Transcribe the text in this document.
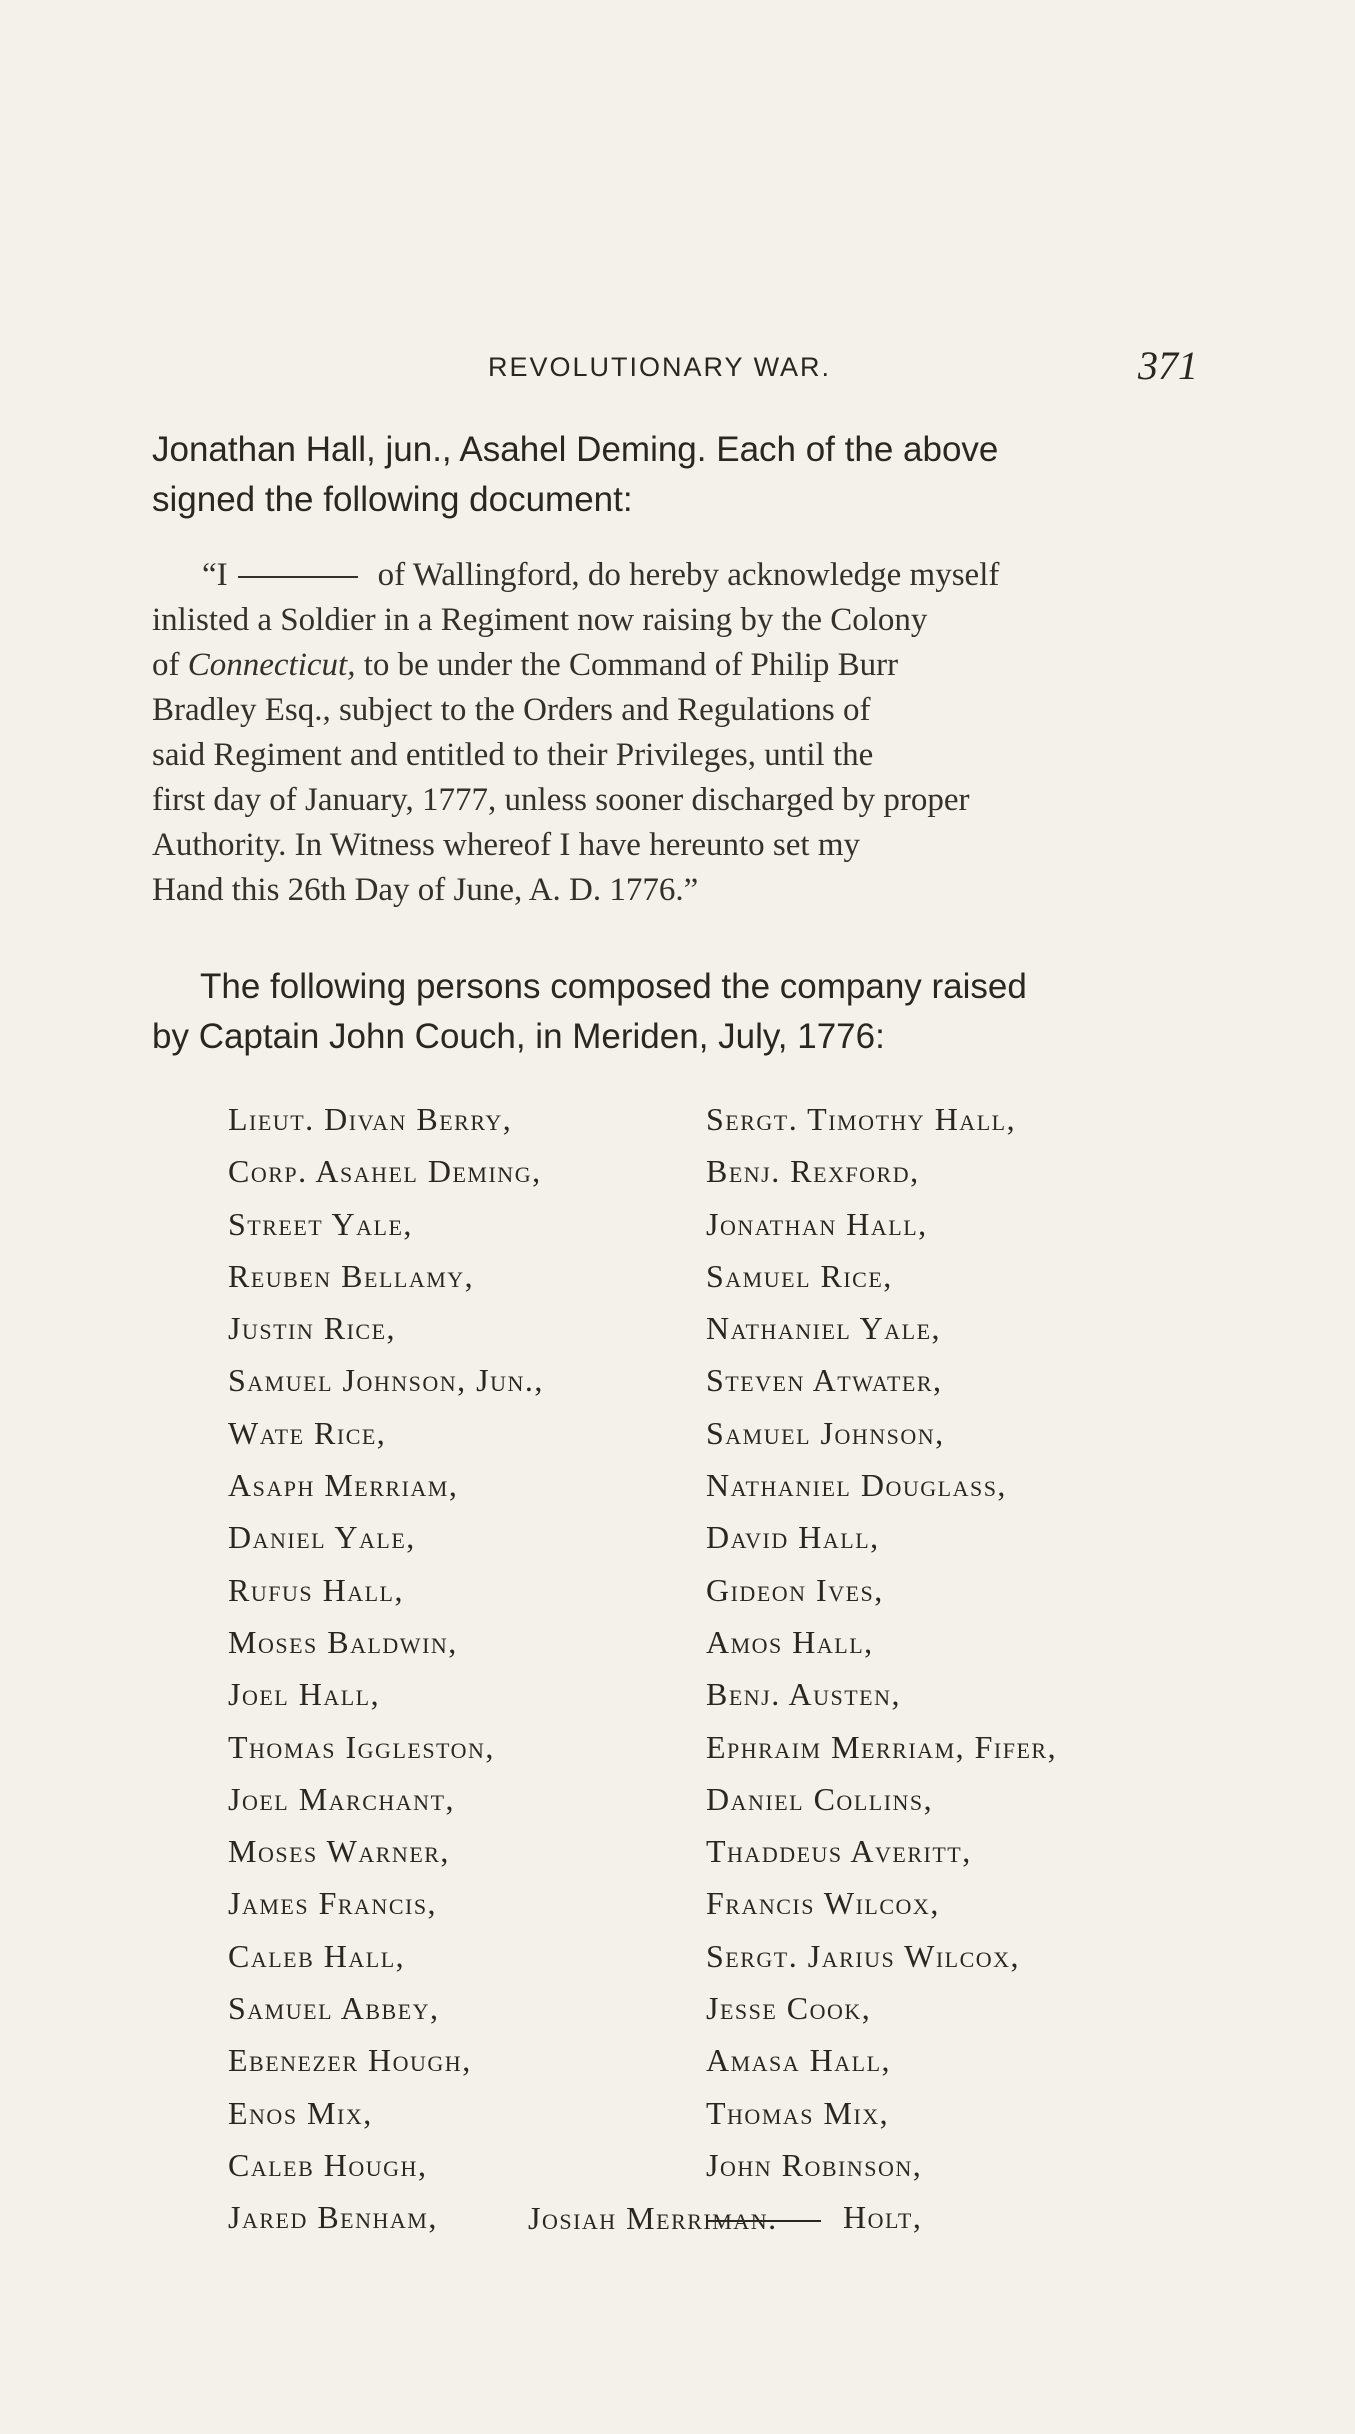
REVOLUTIONARY WAR.	371

Jonathan Hall, jun., Asahel Deming. Each of the above
signed the following document:

“I	of Wallingford, do hereby acknowledge myself
inlisted a Soldier in a Regiment now raising by the Colony
of Connecticut, to be under the Command of Philip Burr
Bradley Esq., subject to the Orders and Regulations of
said Regiment and entitled to their Privileges, until the
first day of January, 1777, unless sooner discharged by proper
Authority. In Witness whereof I have hereunto set my
Hand this 26th Day of June, A. D. 1776.”

The following persons composed the company raised
by Captain John Couch, in Meriden, July, 1776:

Lieut. Divan Berry,
Corp. Asahel Deming,
Street Yale,
Reuben Bellamy,
Justin Rice,
Samuel Johnson, Jun.,
Wate Rice,
Asaph Merriam,
Daniel Yale,
Rufus Hall,
Moses Baldwin,
Joel Hall,
Thomas Iggleston,
Joel Marchant,
Moses Warner,
James Francis,
Caleb Hall,
Samuel Abbey,
Ebenezer Hough,
Enos Mix,
Caleb Hough,
Jared Benham,
Sergt. Timothy Hall,
Benj. Rexford,
Jonathan Hall,
Samuel Rice,
Nathaniel Yale,
Steven Atwater,
Samuel Johnson,
Nathaniel Douglass,
David Hall,
Gideon Ives,
Amos Hall,
Benj. Austen,
Ephraim Merriam, Fifer,
Daniel Collins,
Thaddeus Averitt,
Francis Wilcox,
Sergt. Jarius Wilcox,
Jesse Cook,
Amasa Hall,
Thomas Mix,
John Robinson,
Holt,
Josiah Merriman.
